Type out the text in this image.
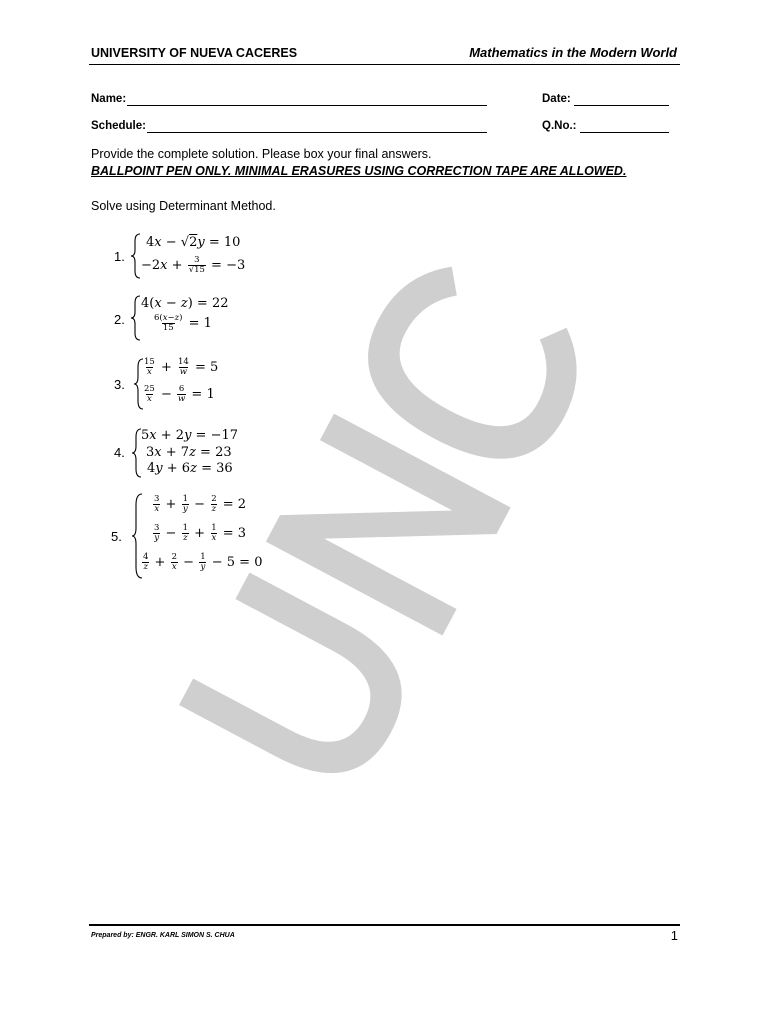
UNIVERSITY OF NUEVA CACERES	Mathematics in the Modern World
Name:	Date:
Schedule:	Q.No.:
Provide the complete solution. Please box your final answers.
BALLPOINT PEN ONLY. MINIMAL ERASURES USING CORRECTION TAPE ARE ALLOWED.
Solve using Determinant Method.
1.
4x − √2y = 10
$-2x + \frac{3}{√15} = -3$
2.
4(x − z) = 22
$\frac{6(x-z)}{15} = 1$
3.
$\frac{15}{x} + \frac{14}{w} = 5$
$\frac{25}{x} - \frac{6}{w} = 1$
4.
5x + 2y = −17
3x + 7z = 23
4y + 6z = 36
5.
$\frac{3}{x} + \frac{1}{y} - \frac{2}{z} = 2$
$\frac{3}{y} - \frac{1}{z} + \frac{1}{x} = 3$
$\frac{4}{z} + \frac{2}{x} - \frac{1}{y} - 5 = 0$
Prepared by: ENGR. KARL SIMON S. CHUA	1
